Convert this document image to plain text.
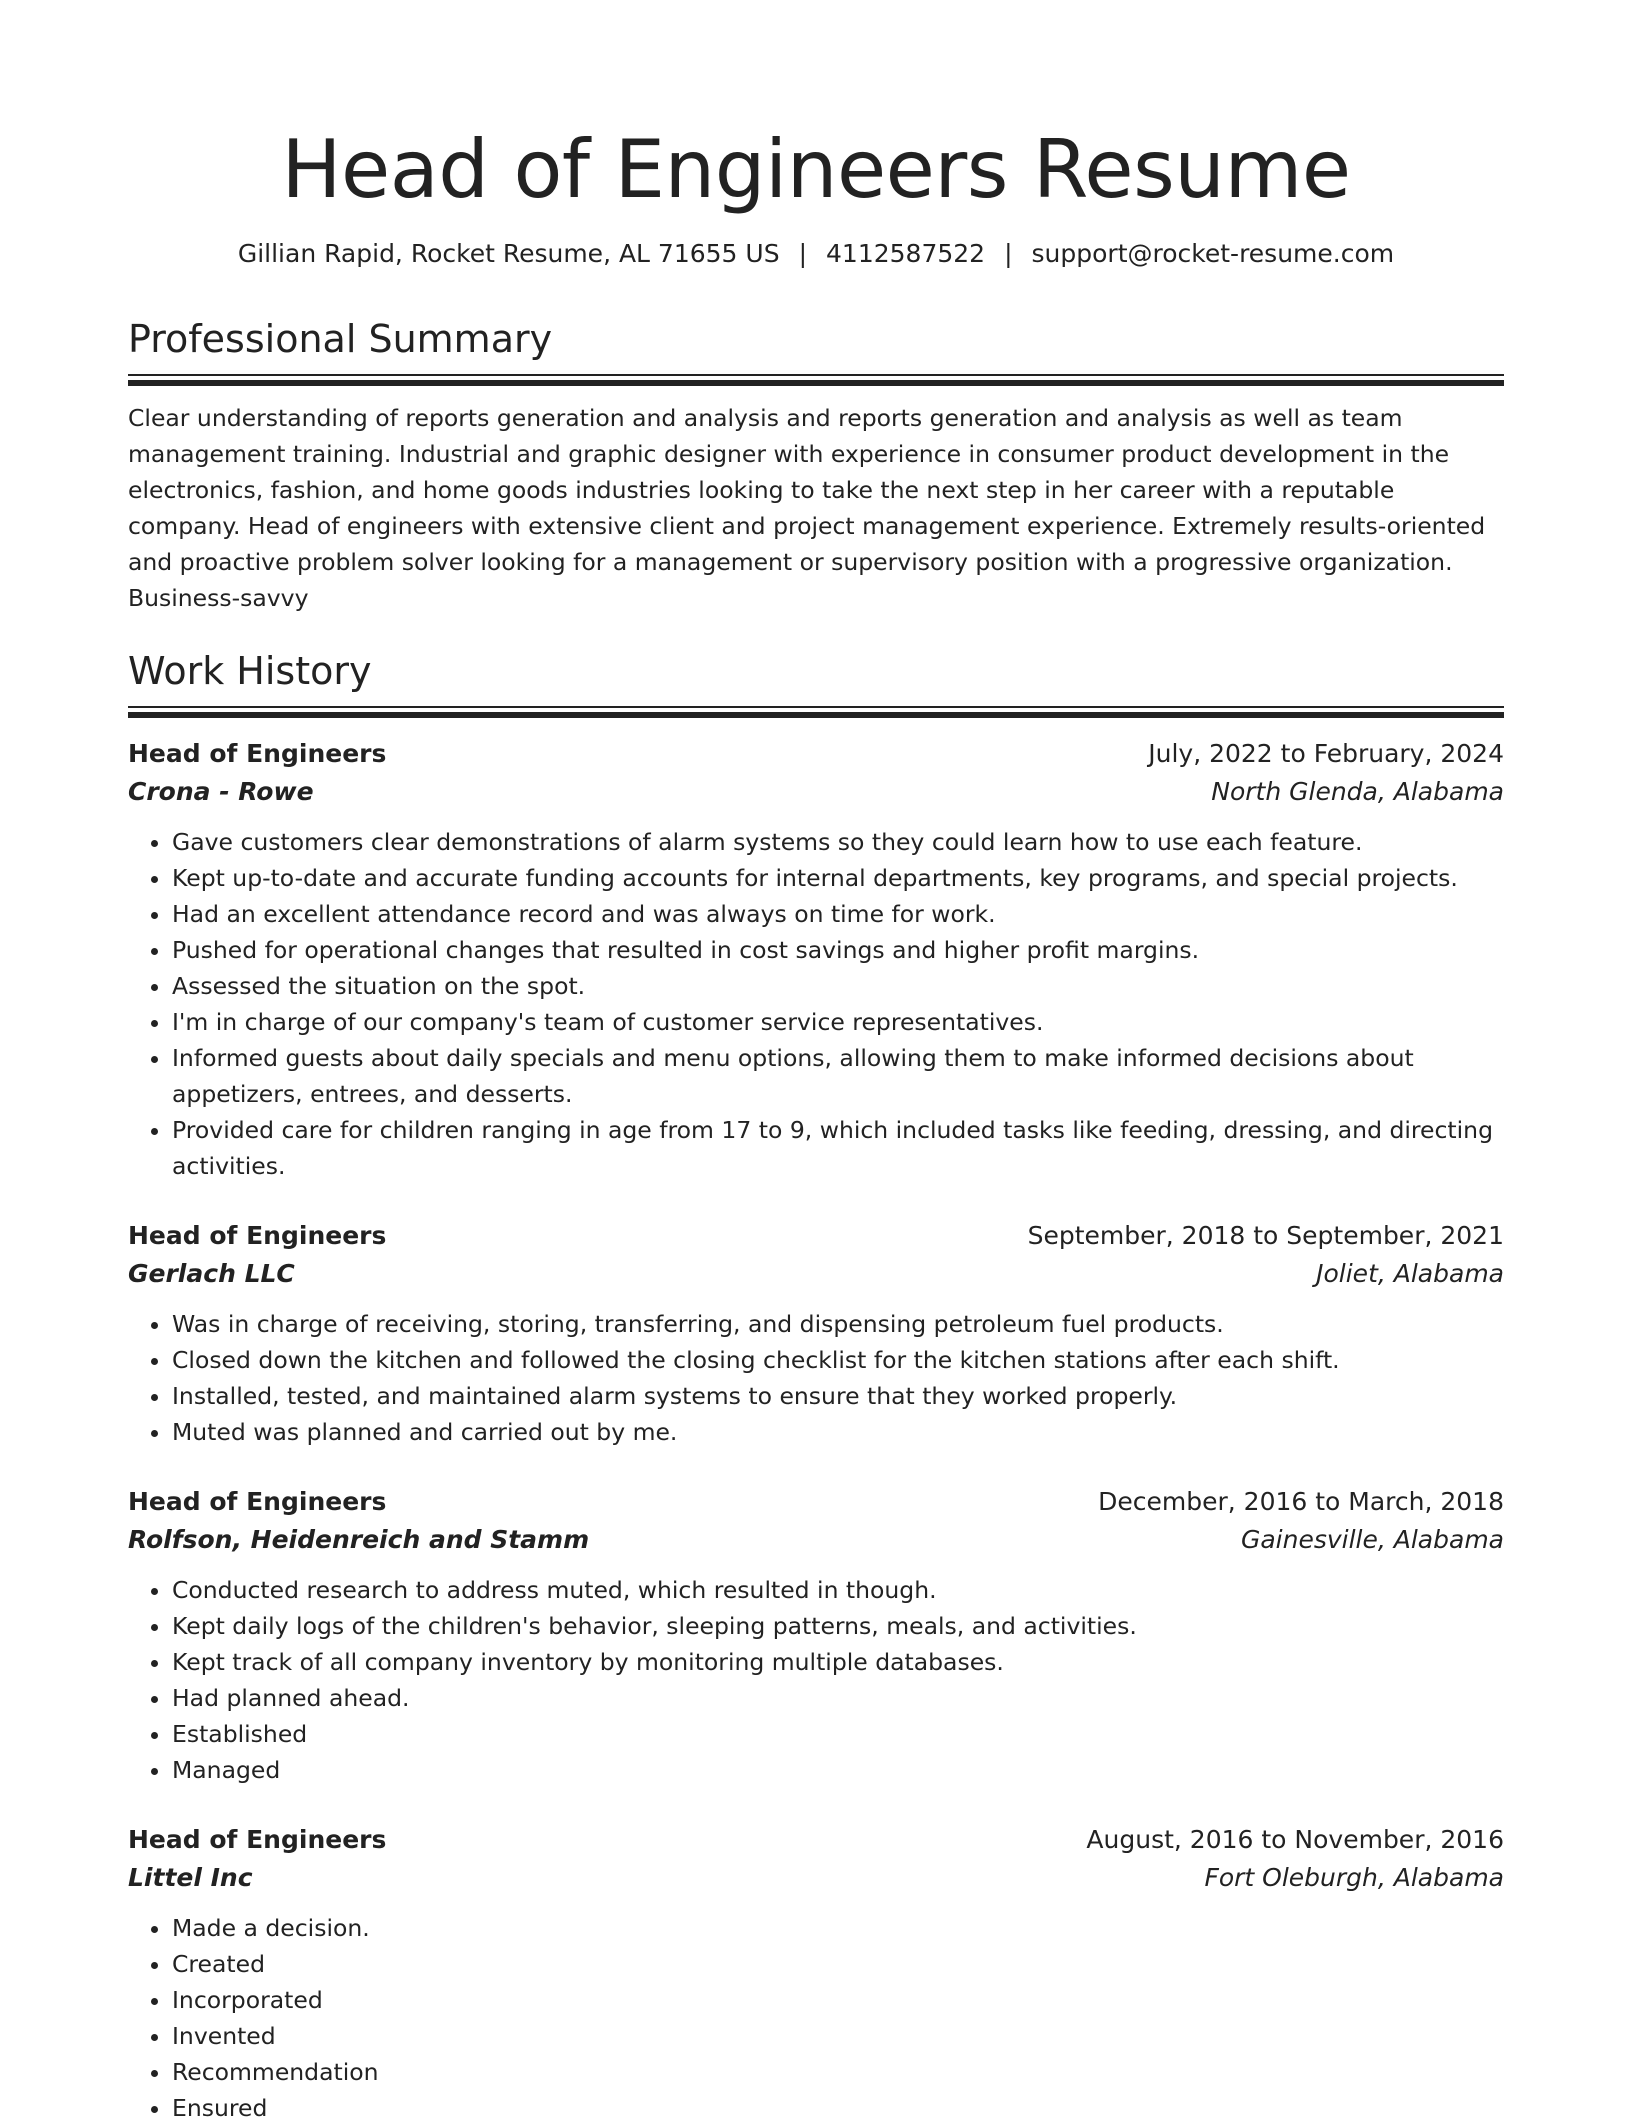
Head of Engineers Resume
Gillian Rapid, Rocket Resume, AL 71655 US | 4112587522 | support@rocket-resume.com
Professional Summary

Clear understanding of reports generation and analysis and reports generation and analysis as well as team management training. Industrial and graphic designer with experience in consumer product development in the electronics, fashion, and home goods industries looking to take the next step in her career with a reputable company. Head of engineers with extensive client and project management experience. Extremely results-oriented and proactive problem solver looking for a management or supervisory position with a progressive organization. Business-savvy

Work History
Head of Engineers	July, 2022 to February, 2024
Crona - Rowe	North Glenda, Alabama
• Gave customers clear demonstrations of alarm systems so they could learn how to use each feature.
• Kept up-to-date and accurate funding accounts for internal departments, key programs, and special projects.
• Had an excellent attendance record and was always on time for work.
• Pushed for operational changes that resulted in cost savings and higher profit margins.
• Assessed the situation on the spot.
• I'm in charge of our company's team of customer service representatives.
• Informed guests about daily specials and menu options, allowing them to make informed decisions about appetizers, entrees, and desserts.
• Provided care for children ranging in age from 17 to 9, which included tasks like feeding, dressing, and directing activities.
Head of Engineers	September, 2018 to September, 2021
Gerlach LLC	Joliet, Alabama
• Was in charge of receiving, storing, transferring, and dispensing petroleum fuel products.
• Closed down the kitchen and followed the closing checklist for the kitchen stations after each shift.
• Installed, tested, and maintained alarm systems to ensure that they worked properly.
• Muted was planned and carried out by me.
Head of Engineers	December, 2016 to March, 2018
Rolfson, Heidenreich and Stamm	Gainesville, Alabama
• Conducted research to address muted, which resulted in though.
• Kept daily logs of the children's behavior, sleeping patterns, meals, and activities.
• Kept track of all company inventory by monitoring multiple databases.
• Had planned ahead.
• Established
• Managed
Head of Engineers	August, 2016 to November, 2016
Littel Inc	Fort Oleburgh, Alabama
• Made a decision.
• Created
• Incorporated
• Invented
• Recommendation
• Ensured
